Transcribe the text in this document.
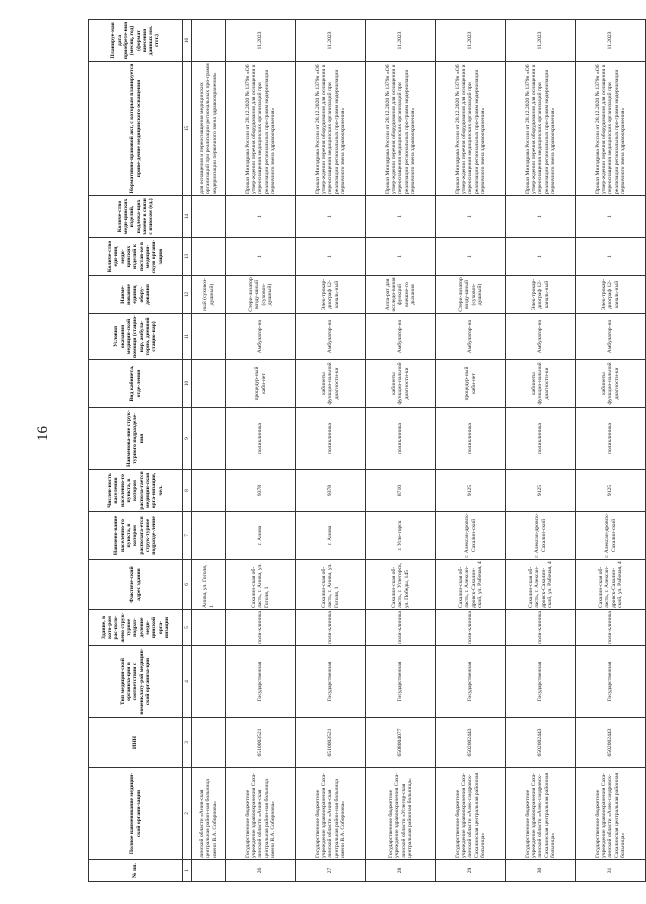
16
№ пп.	Полное наименование медицин-ской органи-зации	ИНН	Тип медицин-ской организа-ции в соответствии с номенклату-рой медицин-ской организа-ции	Здание, в кото-ром рас-поло-жено струк-турное подраз-деление меди-цинской орга-низации	Фактиче-ский адрес здания	Наимено-вание населенно-го пункта, в котором располага-ется струк-турное подразде-ление	Числен-ность населения населенно-го пункта, в котором распола-гается медицин-ская орга-низация, чел.	Наименова-ние струк-турного подразделе-ния	Вид кабинета, отде-ления	Условия оказания медицин-ской помощи (стацио-нар, амбула-торно, дневной стацио-нар)	Наиме-нование единиц обору-дования	Количе-ство еди-ниц меди-цинских изделий к постав-ке в медицин-скую органи-зацию	Количе-ство меди-цинских изделий, подлежа-щих замене в связи с износом (ед.)	Нормативно-правовой акт, с которым планируется приве-дение медицинского оснащения	Планируе-мая дата приобрете-ния (месяц, год) (формат внесения данных мм. гггг.)
1	2	3	4	5	6	7	8	9	10	11	12	13	14	15	16
	линской области «Анив-ская центральная район-ная больница имени В.А. Соборнова»				Анива, ул. Гоголя, 1						ный (суховоз-душный)			для оснащения и переоснащения медицинских организаций при реализации региональных про-грамм модернизации первичного звена здравоохранения»	
26	Государственное бюджетное учреждение здравоохранения Саха-линской области «Анив-ская центральная район-ная больница имени В.А. Соборнова»	6510003521	Государственная	поли-клиника	Сахалин-ская об-ласть, г. Анива, ул. Гоголя, 1	г. Анива	9378	поликлиника	процедур-ный каби-нет	Амбулатор-но	Стери-лизатор возду-шный (суховоз-душный)	1	1	Приказ Минздрава России от 28.12.2020 № 1379н «Об утвер-ждении перечня оборудования для оснащения и переоснащения медицинских организаций при реализации региональных про-грамм модернизации первичного звена здравоохранения»	11.2023
27	Государственное бюджетное учреждение здравоохранения Саха-линской области «Анив-ская центральная район-ная больница имени В.А. Соборнова»	6510003521	Государственная	поли-клиника	Сахалин-ская об-ласть, г. Анива, ул. Гоголя, 1	г. Анива	9378	поликлиника	кабинеты функцио-нальной диагности-ки	Амбулатор-но	Элек-трокар-диограф 12-каналь-ный	1	1	Приказ Минздрава России от 28.12.2020 № 1379н «Об утвер-ждении перечня оборудования для оснащения и переоснащения медицинских организаций при реализации региональных про-грамм модернизации первичного звена здравоохранения»	11.2023
28	Государственное бюджетное учреждение здравоохранения Саха-линской области «Углегор-ская центральная районная больница»	6508004077	Государственная	поли-клиника	Сахалин-ская об-ласть, г. Углегорск, ул. Победы, 145	г. Угле-горск	8710	поликлиника	кабинеты функцио-нальной диагности-ки	Амбулатор-но	Аппа-рат для исследо-вания функций внешне-го дыхания	1	1	Приказ Минздрава России от 28.12.2020 № 1379н «Об утвер-ждении перечня оборудования для оснащения и переоснащения медицинских организаций при реализации региональных про-грамм модернизации первичного звена здравоохранения»	11.2023
29	Государственное бюджетное учреждение здравоохранения Саха-линской области «Алек-сандровск-Сахалинская центральная районная больница»	6502002443	Государственная	поли-клиника	Сахалин-ская об-ласть, г. Алексан-дровск-Сахалин-ский, ул. Рабочая, 4	г. Алексан-дровск-Сахалин-ский	9125	поликлиника	процедур-ный каби-нет	Амбулатор-но	Стери-лизатор возду-шный (суховоз-душный)	1	1	Приказ Минздрава России от 28.12.2020 № 1379н «Об утвер-ждении перечня оборудования для оснащения и переоснащения медицинских организаций при реализации региональных про-грамм модернизации первичного звена здравоохранения»	11.2023
30	Государственное бюджетное учреждение здравоохранения Саха-линской области «Алек-сандровск-Сахалинская центральная районная больница»	6502002443	Государственная	поли-клиника	Сахалин-ская об-ласть, г. Алексан-дровск-Сахалин-ский, ул. Рабочая, 4	г. Алексан-дровск-Сахалин-ский	9125	поликлиника	кабинеты функцио-нальной диагности-ки	Амбулатор-но	Элек-трокар-диограф 12-каналь-ный	1	1	Приказ Минздрава России от 28.12.2020 № 1379н «Об утвер-ждении перечня оборудования для оснащения и переоснащения медицинских организаций при реализации региональных про-грамм модернизации первичного звена здравоохранения»	11.2023
31	Государственное бюджетное учреждение здравоохранения Саха-линской области «Алек-сандровск-Сахалинская центральная районная больница»	6502002443	Государственная	поли-клиника	Сахалин-ская об-ласть, г. Алексан-дровск-Сахалин-ский, ул. Рабочая, 4	г. Алексан-дровск-Сахалин-ский	9125	поликлиника	кабинеты функцио-нальной диагности-ки	Амбулатор-но	Элек-трокар-диограф 12-каналь-ный	1	1	Приказ Минздрава России от 28.12.2020 № 1379н «Об утвер-ждении перечня оборудования для оснащения и переоснащения медицинских организаций при реализации региональных про-грамм модернизации первичного звена здравоохранения»	11.2023
